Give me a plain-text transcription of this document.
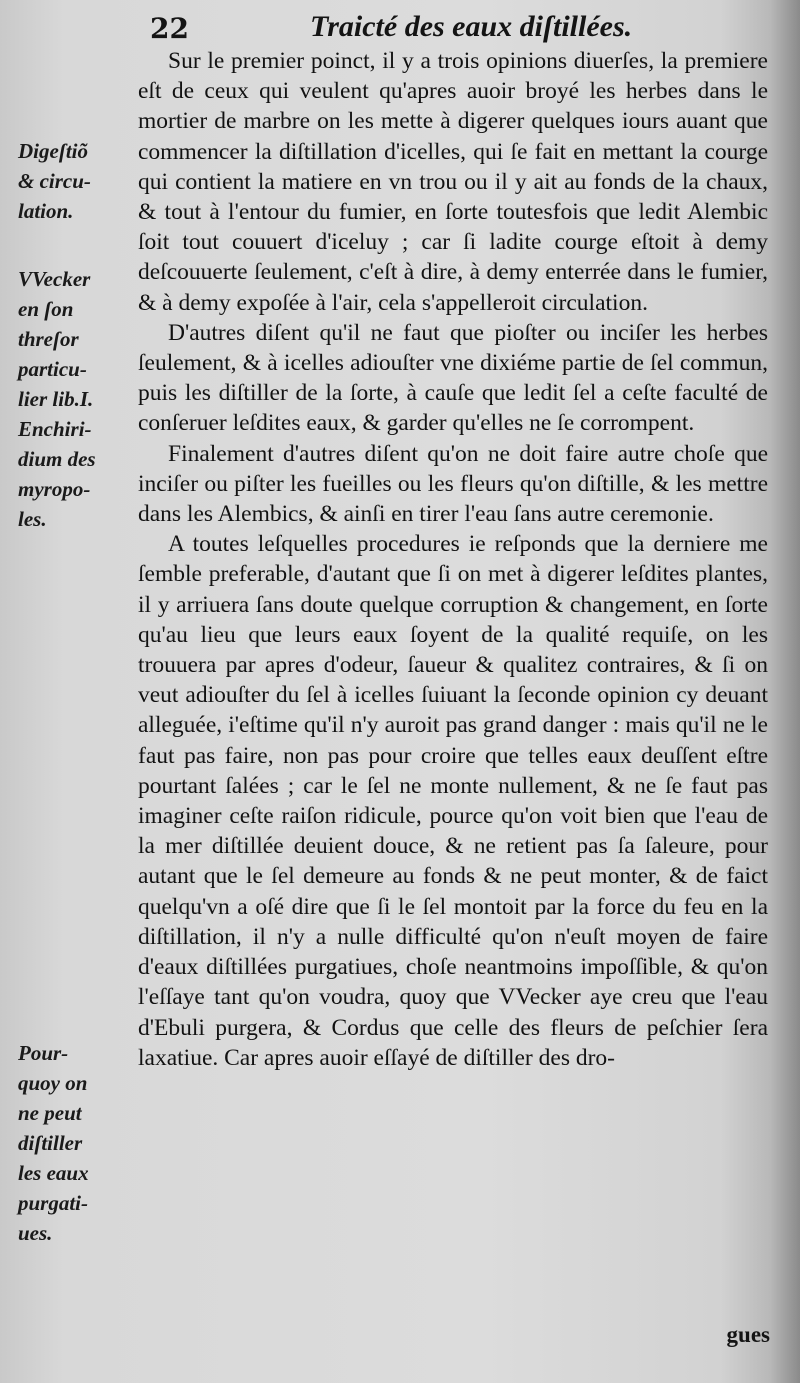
22	Traicté des eaux diſtillées.
Digeſtiõ
& circu-
lation.
VVecker
en ſon
threſor
particu-
lier lib.I.
Enchiri-
dium des
myropo-
les.
Pour-
quoy on
ne peut
diſtiller
les eaux
purgati-
ues.

Sur le premier poinct, il y a trois opinions diuerſes, la premiere eſt de ceux qui veulent qu'apres auoir broyé les herbes dans le mortier de marbre on les mette à digerer quelques iours auant que commencer la diſtillation d'icelles, qui ſe fait en mettant la courge qui contient la matiere en vn trou ou il y ait au fonds de la chaux, & tout à l'entour du fumier, en ſorte toutesfois que ledit Alembic ſoit tout couuert d'iceluy ; car ſi ladite courge eſtoit à demy deſcouuerte ſeulement, c'eſt à dire, à demy enterrée dans le fumier, & à demy expoſée à l'air, cela s'appelleroit circulation.

D'autres diſent qu'il ne faut que pioſter ou inciſer les herbes ſeulement, & à icelles adiouſter vne dixiéme partie de ſel commun, puis les diſtiller de la ſorte, à cauſe que ledit ſel a ceſte faculté de conſeruer leſdites eaux, & garder qu'elles ne ſe corrompent.

Finalement d'autres diſent qu'on ne doit faire autre choſe que inciſer ou piſter les fueilles ou les fleurs qu'on diſtille, & les mettre dans les Alembics, & ainſi en tirer l'eau ſans autre ceremonie.

A toutes leſquelles procedures ie reſponds que la derniere me ſemble preferable, d'autant que ſi on met à digerer leſdites plantes, il y arriuera ſans doute quelque corruption & changement, en ſorte qu'au lieu que leurs eaux ſoyent de la qualité requiſe, on les trouuera par apres d'odeur, ſaueur & qualitez contraires, & ſi on veut adiouſter du ſel à icelles ſuiuant la ſeconde opinion cy deuant alleguée, i'eſtime qu'il n'y auroit pas grand danger : mais qu'il ne le faut pas faire, non pas pour croire que telles eaux deuſſent eſtre pourtant ſalées ; car le ſel ne monte nullement, & ne ſe faut pas imaginer ceſte raiſon ridicule, pource qu'on voit bien que l'eau de la mer diſtillée deuient douce, & ne retient pas ſa ſaleure, pour autant que le ſel demeure au fonds & ne peut monter, & de faict quelqu'vn a oſé dire que ſi le ſel montoit par la force du feu en la diſtillation, il n'y a nulle difficulté qu'on n'euſt moyen de faire d'eaux diſtillées purgatiues, choſe neantmoins impoſſible, & qu'on l'eſſaye tant qu'on voudra, quoy que VVecker aye creu que l'eau d'Ebuli purgera, & Cordus que celle des fleurs de peſchier ſera laxatiue. Car apres auoir eſſayé de diſtiller des dro-

gues
